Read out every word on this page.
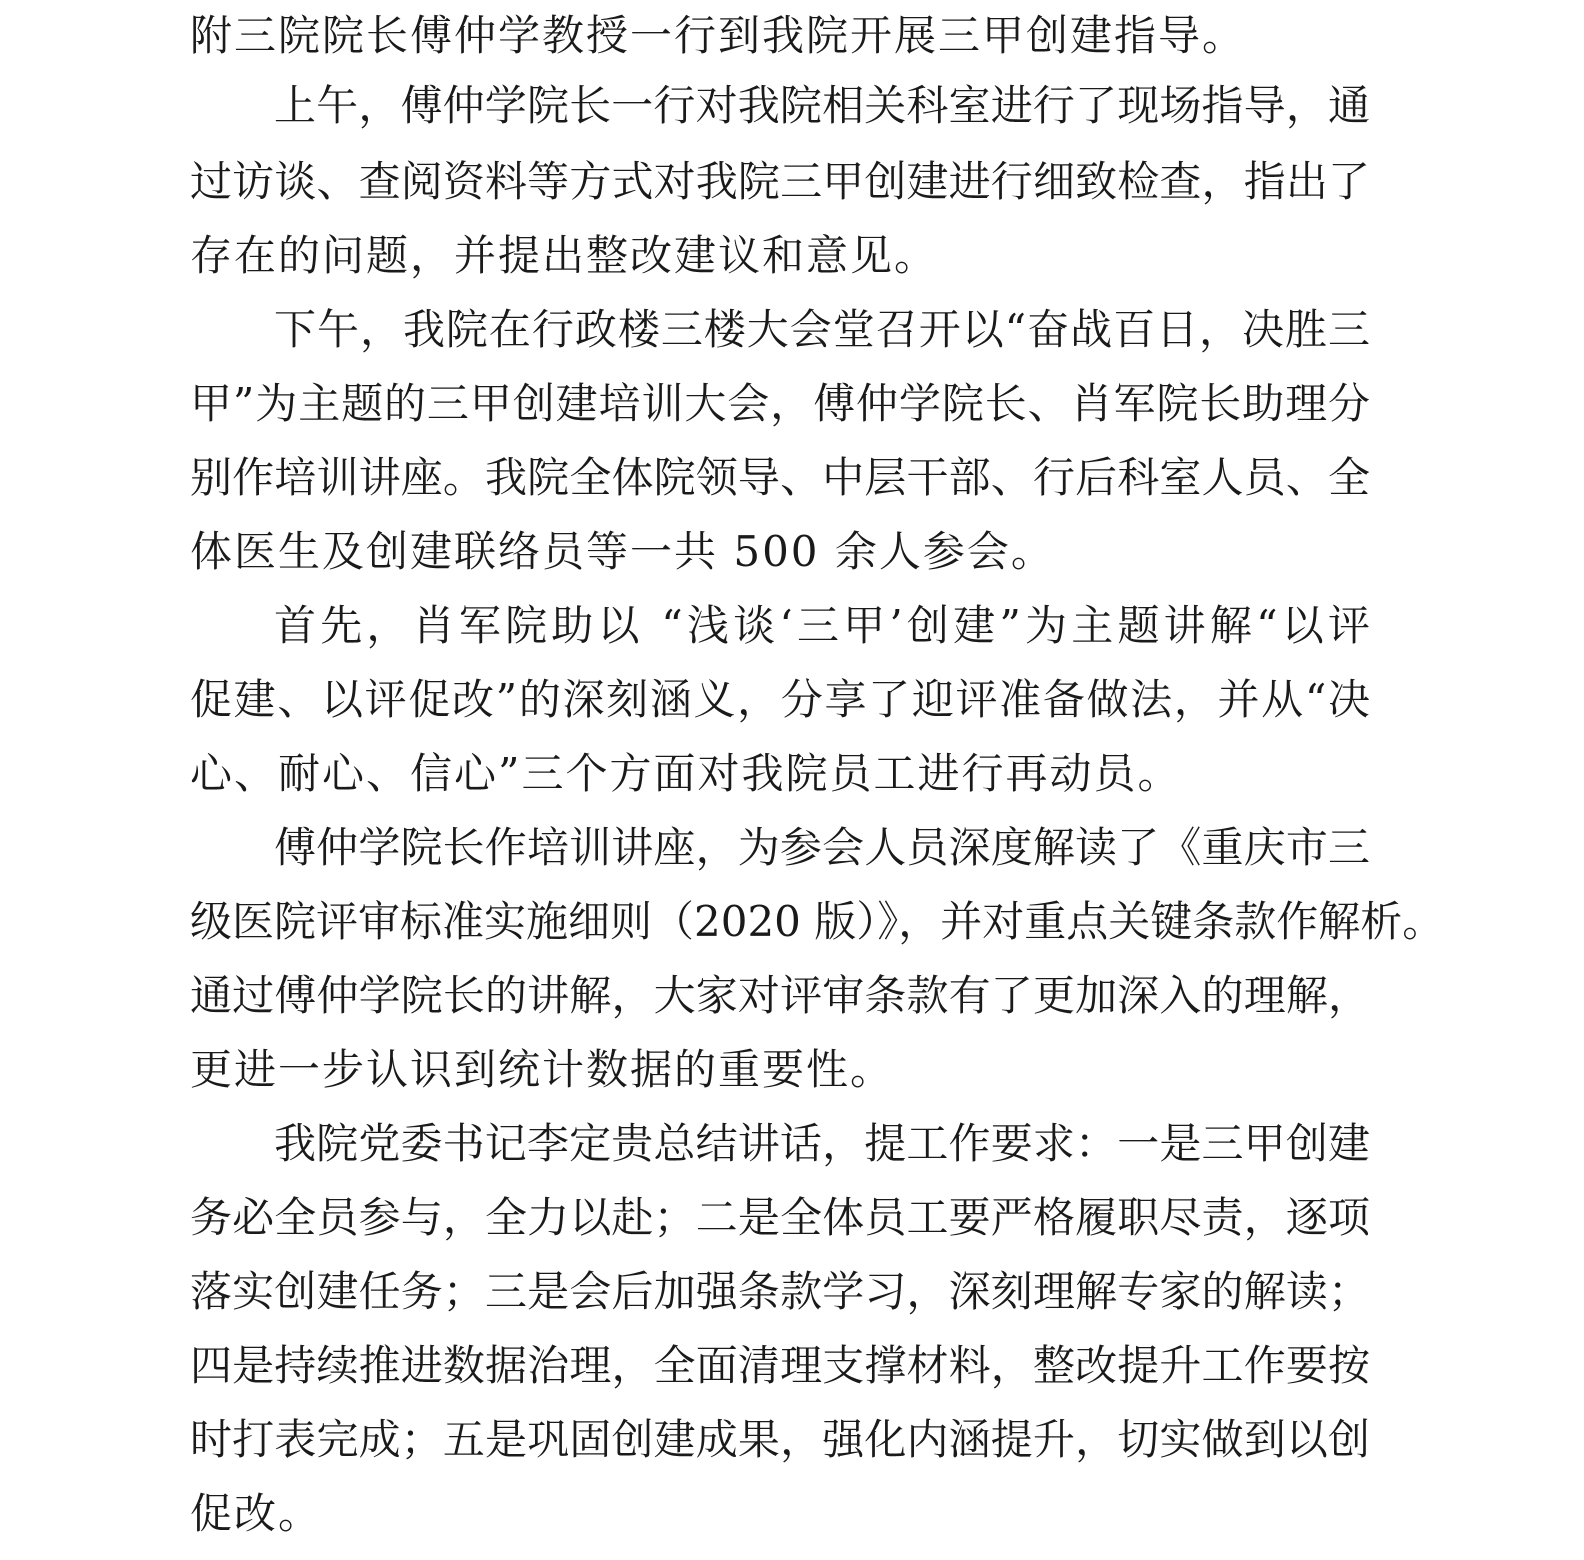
附三院院长傅仲学教授一行到我院开展三甲创建指导。
上午，傅仲学院长一行对我院相关科室进行了现场指导，通
过访谈、查阅资料等方式对我院三甲创建进行细致检查，指出了
存在的问题，并提出整改建议和意见。
下午，我院在行政楼三楼大会堂召开以“奋战百日，决胜三
甲”为主题的三甲创建培训大会，傅仲学院长、肖军院长助理分
别作培训讲座。我院全体院领导、中层干部、行后科室人员、全
体医生及创建联络员等一共 500 余人参会。
首先，肖军院助以 “浅谈‘三甲’创建”为主题讲解“以评
促建、以评促改”的深刻涵义，分享了迎评准备做法，并从“决
心、耐心、信心”三个方面对我院员工进行再动员。
傅仲学院长作培训讲座，为参会人员深度解读了《重庆市三
级医院评审标准实施细则（2020 版）》，并对重点关键条款作解析。
通过傅仲学院长的讲解，大家对评审条款有了更加深入的理解，
更进一步认识到统计数据的重要性。
我院党委书记李定贵总结讲话，提工作要求：一是三甲创建
务必全员参与，全力以赴；二是全体员工要严格履职尽责，逐项
落实创建任务；三是会后加强条款学习，深刻理解专家的解读；
四是持续推进数据治理，全面清理支撑材料，整改提升工作要按
时打表完成；五是巩固创建成果，强化内涵提升，切实做到以创
促改。
